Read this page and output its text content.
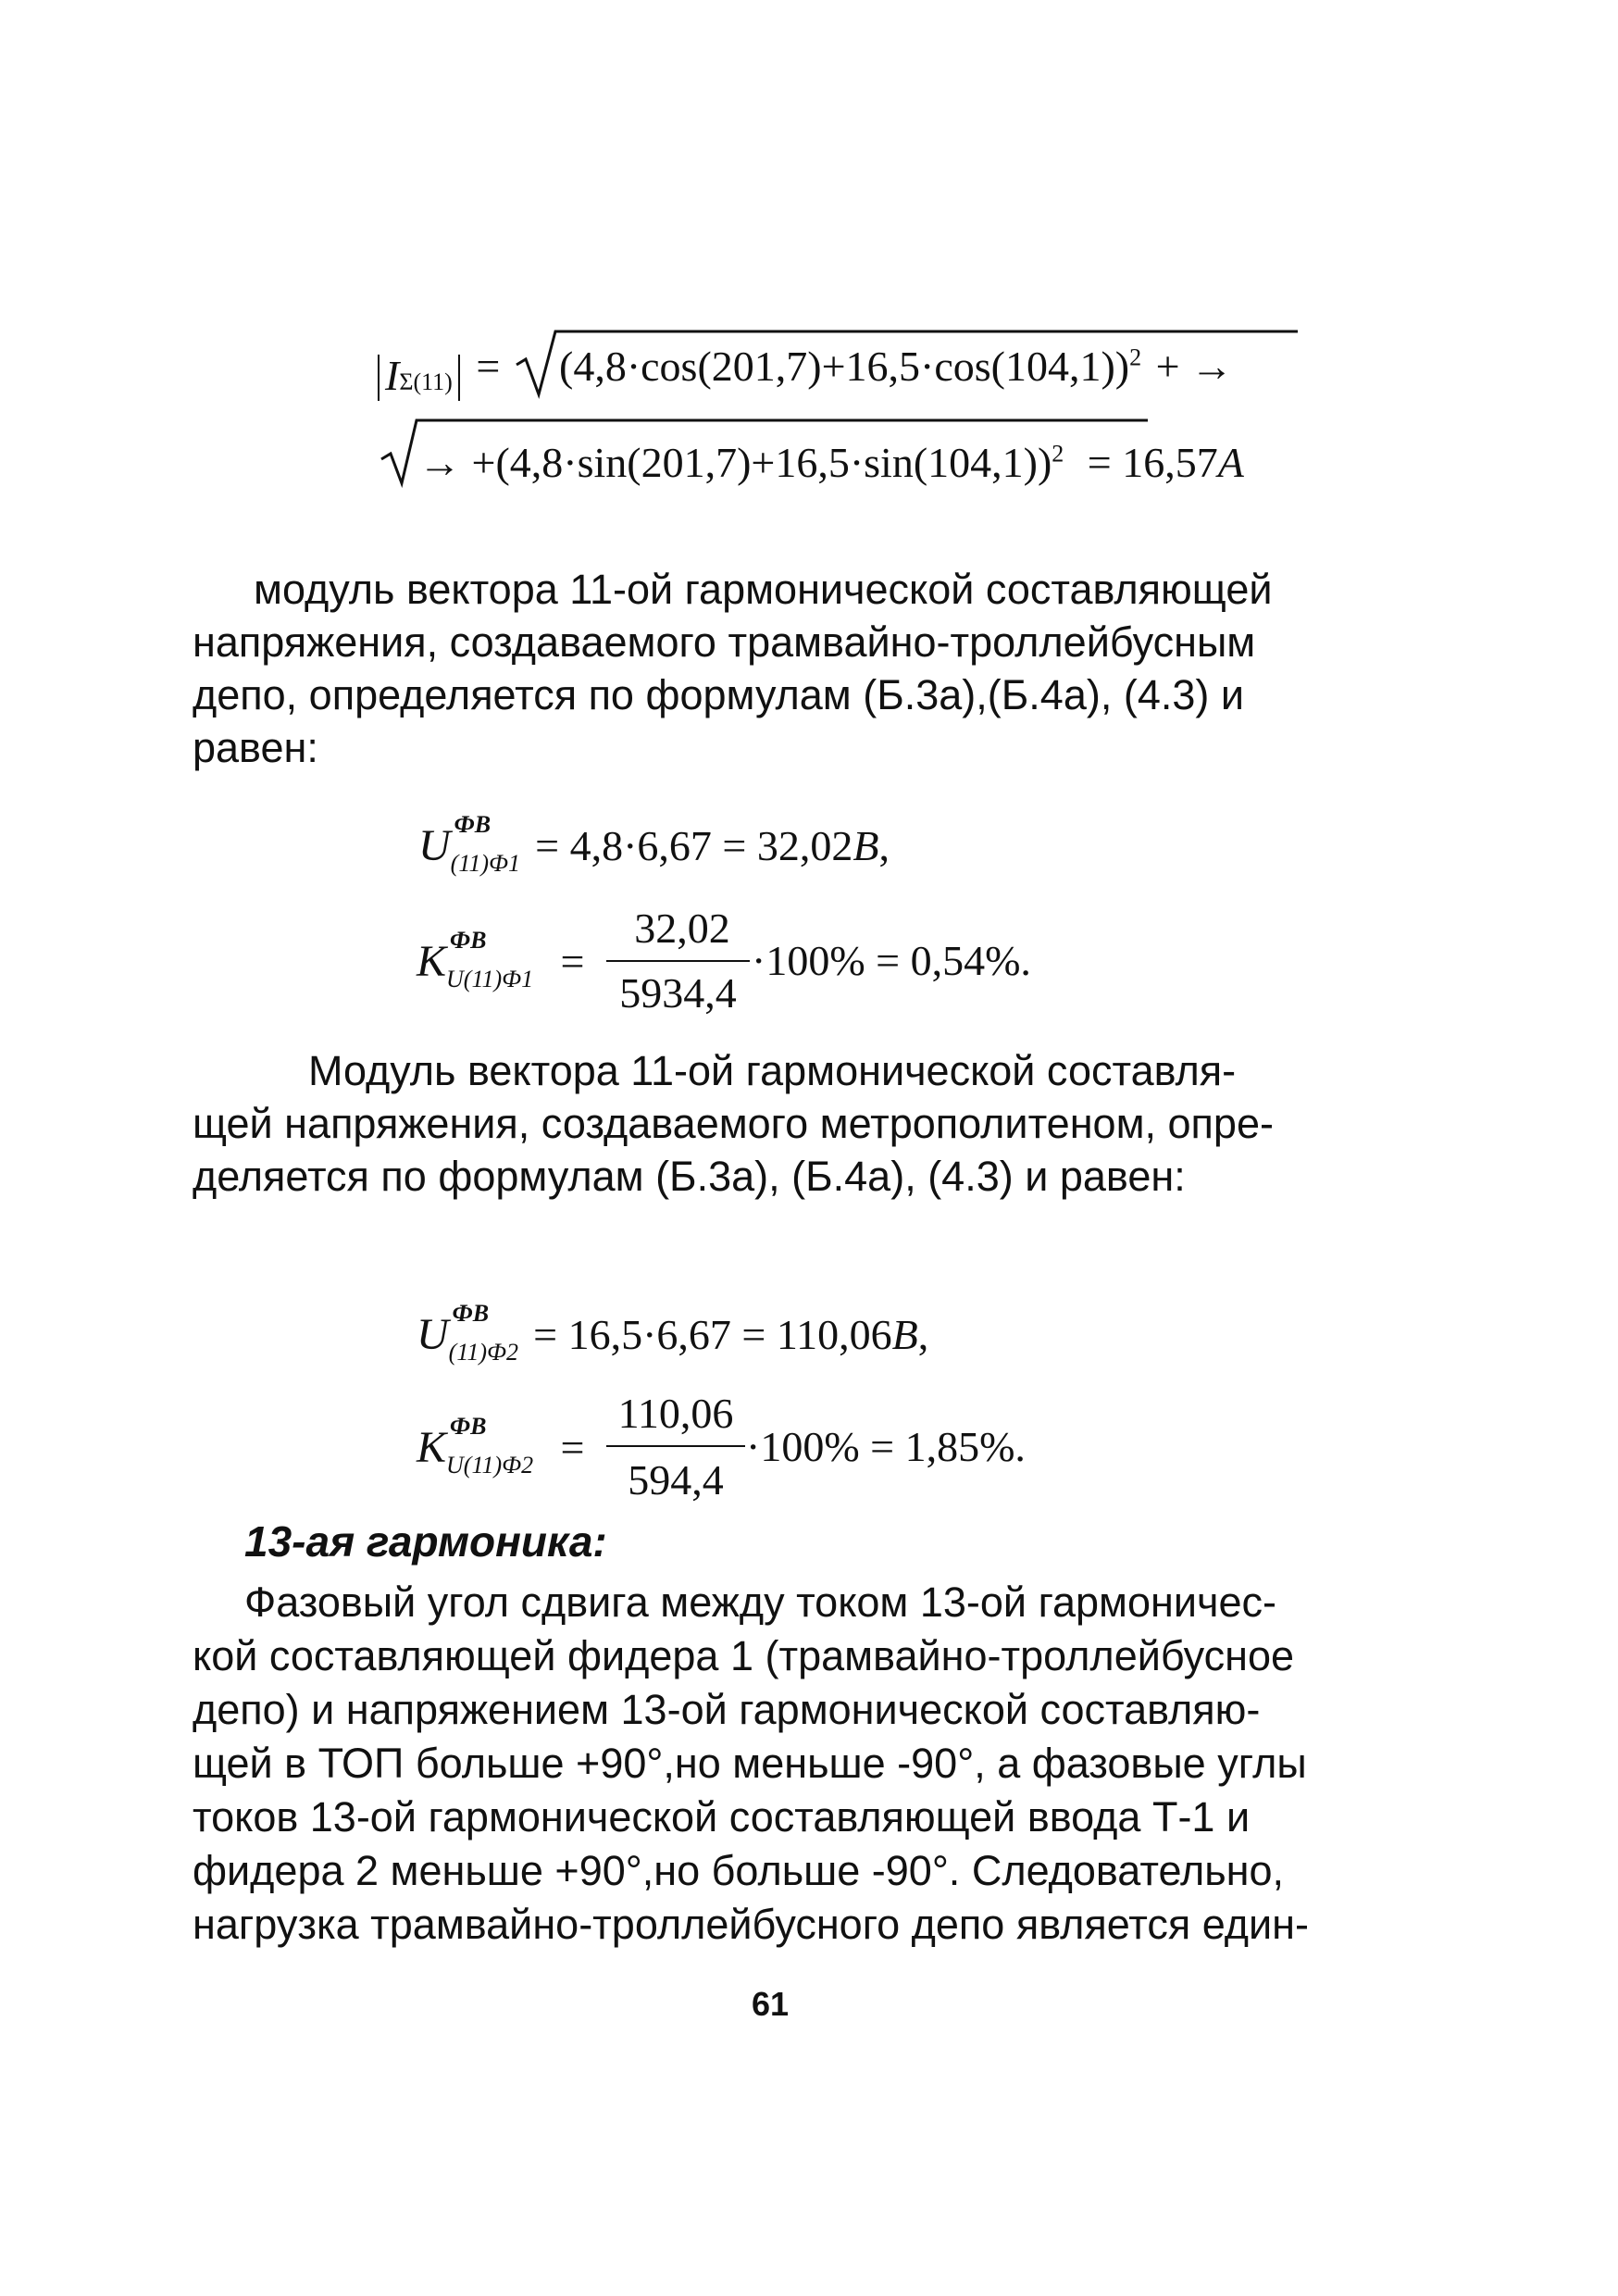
$I\Sigma(11) = (4,8\cdot\cos(201,7)+16,5\cdot\cos(104,1))^2$ + →
→ $+(4,8\cdot\sin(201,7)+16,5\cdot\sin(104,1))^2 = 16,57A$
модуль вектора 11-ой гармонической составляющей
напряжения, создаваемого трамвайно-троллейбусным
депо, определяется по формулам (Б.3а),(Б.4а), (4.3) и
равен:
U ФВ
(11)Ф1 = 4,8·6,67 = 32,02B,
K ФВ
U(11)Ф1 =
32,02
5934,4
·100% = 0,54%.
Модуль вектора 11-ой гармонической составля-
щей напряжения, создаваемого метрополитеном, опре-
деляется по формулам (Б.3а), (Б.4а), (4.3) и равен:
U ФВ
(11)Ф2 = 16,5·6,67 = 110,06B,
K ФВ
U(11)Ф2 =
110,06
594,4
·100% = 1,85%.
13-ая гармоника:
Фазовый угол сдвига между током 13-ой гармоничес-
кой составляющей фидера 1 (трамвайно-троллейбусное
депо) и напряжением 13-ой гармонической составляю-
щей в ТОП больше +90°,но меньше -90°, а фазовые углы
токов 13-ой гармонической составляющей ввода Т-1 и
фидера 2 меньше +90°,но больше -90°. Следовательно,
нагрузка трамвайно-троллейбусного депо является един-
61
